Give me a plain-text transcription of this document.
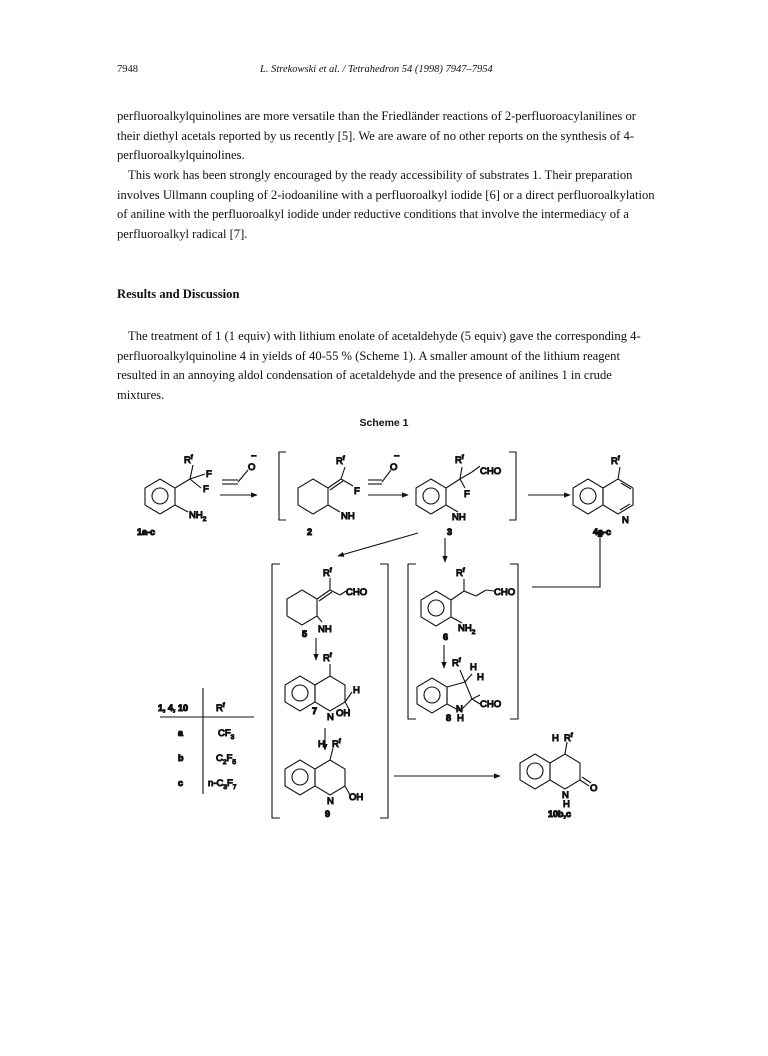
7948	L. Strekowski et al. / Tetrahedron 54 (1998) 7947–7954

perfluoroalkylquinolines are more versatile than the Friedländer reactions of 2-perfluoroacylanilines or their diethyl acetals reported by us recently [5]. We are aware of no other reports on the synthesis of 4-perfluoroalkylquinolines.

This work has been strongly encouraged by the ready accessibility of substrates 1. Their preparation involves Ullmann coupling of 2-iodoaniline with a perfluoroalkyl iodide [6] or a direct perfluoroalkylation of aniline with the perfluoroalkyl iodide under reductive conditions that involve the intermediacy of a perfluoroalkyl radical [7].

Results and Discussion

The treatment of 1 (1 equiv) with lithium enolate of acetaldehyde (5 equiv) gave the corresponding 4-perfluoroalkylquinoline 4 in yields of 40-55 % (Scheme 1). A smaller amount of the lithium reagent resulted in an annoying aldol condensation of acetaldehyde and the presence of anilines 1 in crude mixtures.

Scheme 1
$R^f$
F
F
$NH_2$
1a-c
O
−	$R^f$
F
NH
2
O
−	$R^f$
CHO
F
NH
3
$R^f$
N
4a-c
$R^f$
CHO
NH
5
$R^f$
H
N OH
7
H $R^f$
N OH
9
$R^f$
CHO
$NH_2$
6
$R^f$
H
H
CHO
N
H
8
H $R^f$
N
H
O
10b,c
1, 4, 10	$R^f$
a	$CF_3$
b	$C_2F_5$
c	$n-C_3F_7$
